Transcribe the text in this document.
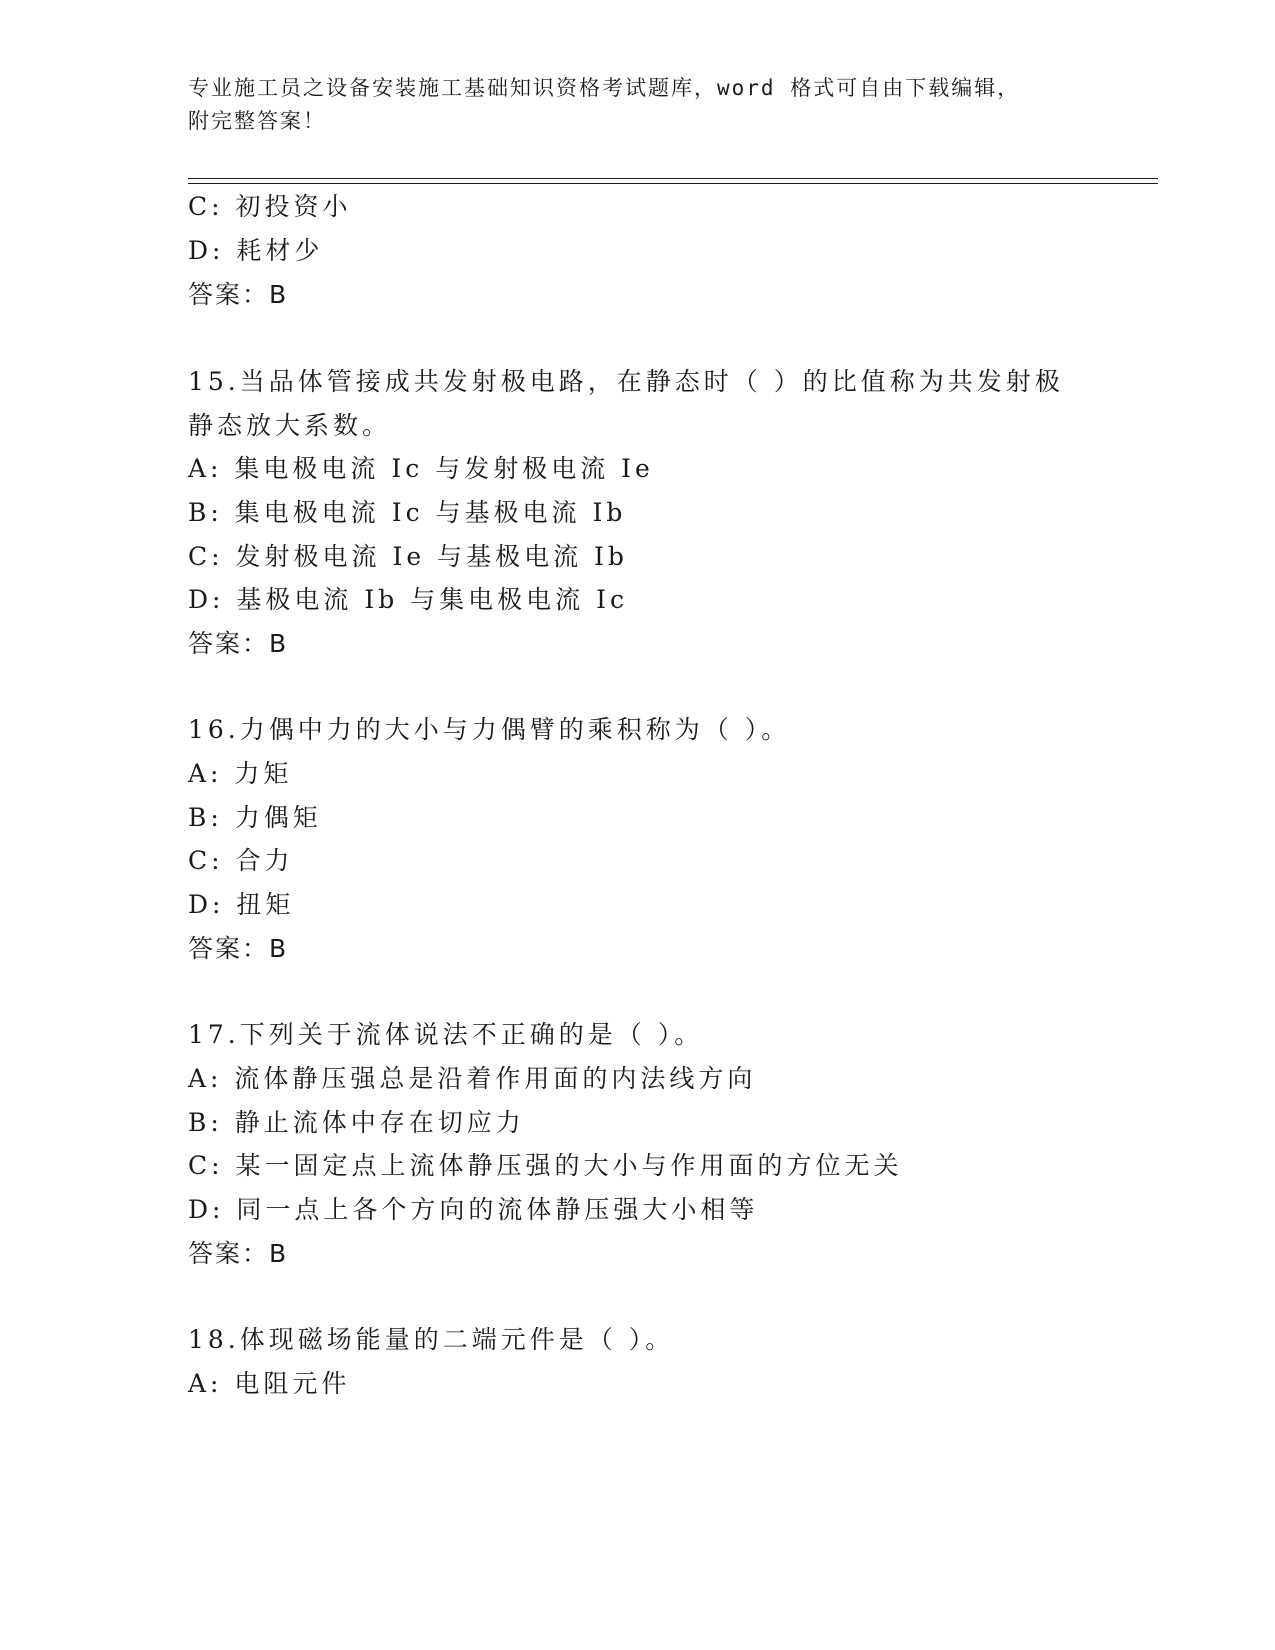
专业施工员之设备安装施工基础知识资格考试题库，word 格式可自由下载编辑，
附完整答案！
C: 初投资小
D: 耗材少
答案：B
15.当品体管接成共发射极电路，在静态时（ ）的比值称为共发射极
静态放大系数。
A: 集电极电流 Ic 与发射极电流 Ie
B: 集电极电流 Ic 与基极电流 Ib
C: 发射极电流 Ie 与基极电流 Ib
D: 基极电流 Ib 与集电极电流 Ic
答案：B
16.力偶中力的大小与力偶臂的乘积称为（ ）。
A: 力矩
B: 力偶矩
C: 合力
D: 扭矩
答案：B
17.下列关于流体说法不正确的是（ ）。
A: 流体静压强总是沿着作用面的内法线方向
B: 静止流体中存在切应力
C: 某一固定点上流体静压强的大小与作用面的方位无关
D: 同一点上各个方向的流体静压强大小相等
答案：B
18.体现磁场能量的二端元件是（ ）。
A: 电阻元件
